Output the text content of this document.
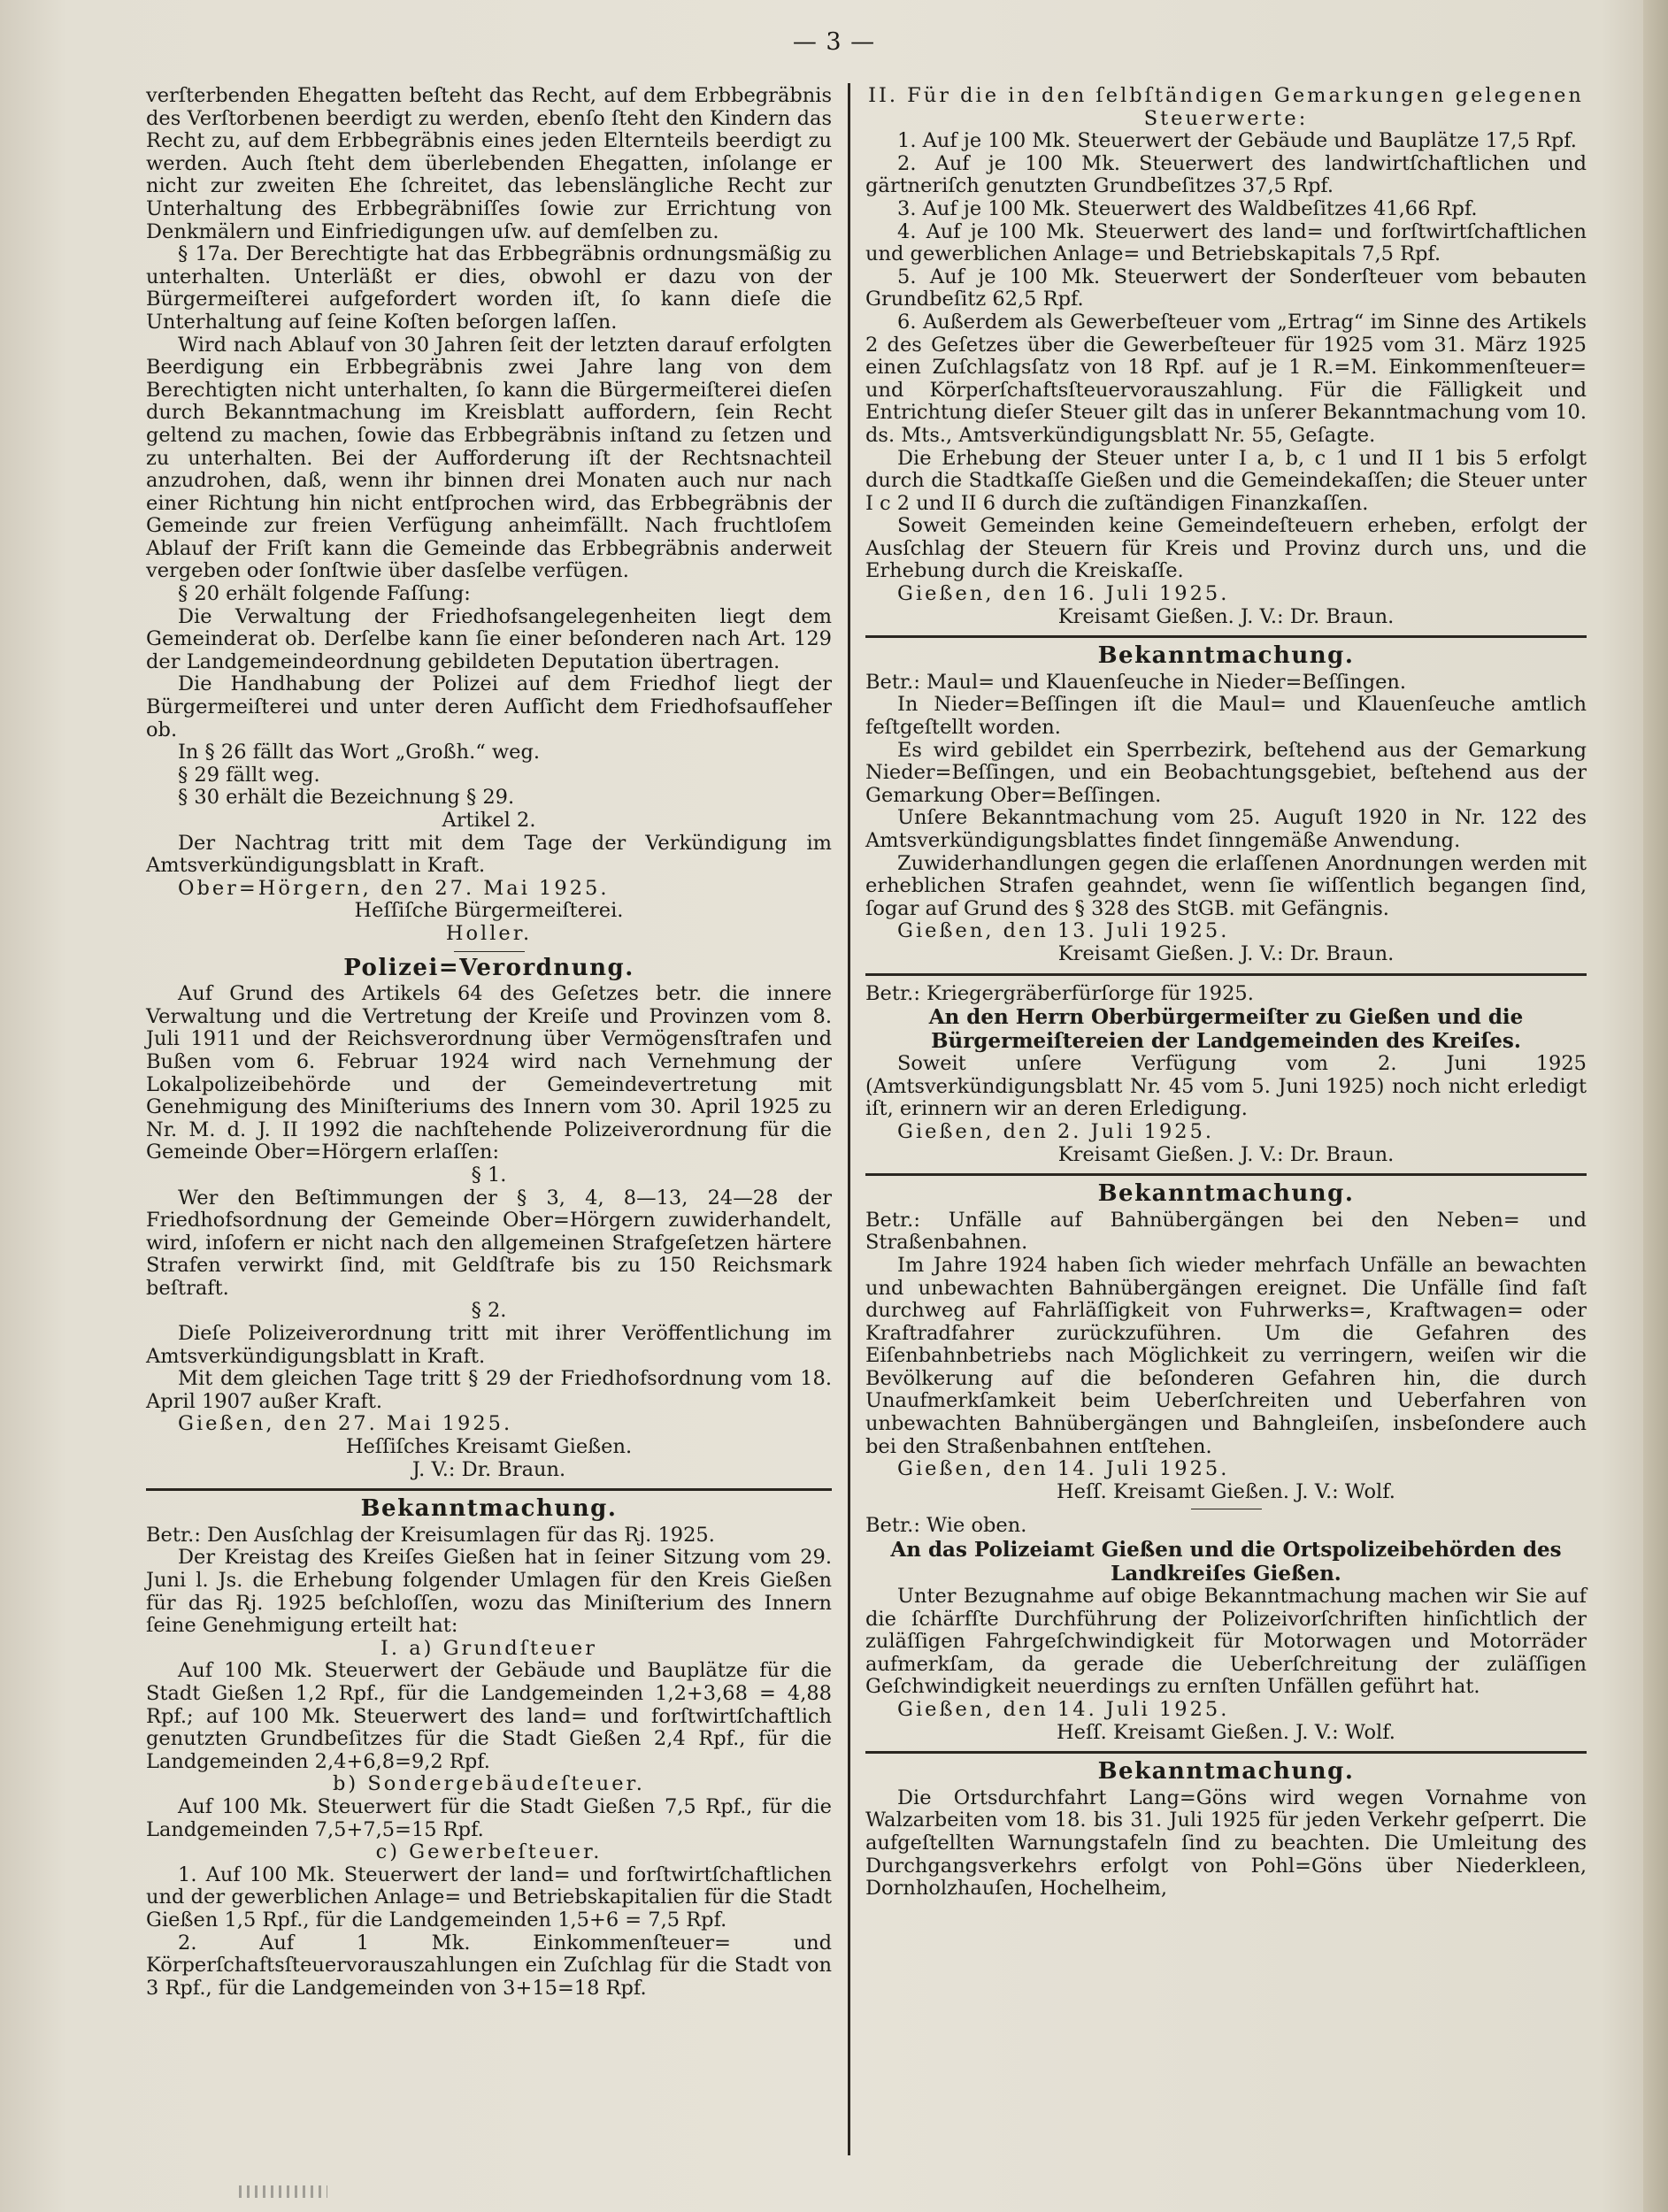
— 3 —

verſterbenden Ehegatten beſteht das Recht, auf dem Erbbegräbnis des Verſtorbenen beerdigt zu werden, ebenſo ſteht den Kindern das Recht zu, auf dem Erbbegräbnis eines jeden Elternteils beerdigt zu werden. Auch ſteht dem überlebenden Ehegatten, inſolange er nicht zur zweiten Ehe ſchreitet, das lebenslängliche Recht zur Unterhaltung des Erbbegräbniſſes ſowie zur Errichtung von Denkmälern und Einfriedigungen uſw. auf demſelben zu.

§ 17a. Der Berechtigte hat das Erbbegräbnis ordnungsmäßig zu unterhalten. Unterläßt er dies, obwohl er dazu von der Bürgermeiſterei aufgefordert worden iſt, ſo kann dieſe die Unterhaltung auf ſeine Koſten beſorgen laſſen.

Wird nach Ablauf von 30 Jahren ſeit der letzten darauf erfolgten Beerdigung ein Erbbegräbnis zwei Jahre lang von dem Berechtigten nicht unterhalten, ſo kann die Bürgermeiſterei dieſen durch Bekanntmachung im Kreisblatt auffordern, ſein Recht geltend zu machen, ſowie das Erbbegräbnis inſtand zu ſetzen und zu unterhalten. Bei der Aufforderung iſt der Rechtsnachteil anzudrohen, daß, wenn ihr binnen drei Monaten auch nur nach einer Richtung hin nicht entſprochen wird, das Erbbegräbnis der Gemeinde zur freien Verfügung anheimfällt. Nach fruchtloſem Ablauf der Friſt kann die Gemeinde das Erbbegräbnis anderweit vergeben oder ſonſtwie über dasſelbe verfügen.

§ 20 erhält folgende Faſſung:

Die Verwaltung der Friedhofsangelegenheiten liegt dem Gemeinderat ob. Derſelbe kann ſie einer beſonderen nach Art. 129 der Landgemeindeordnung gebildeten Deputation übertragen.

Die Handhabung der Polizei auf dem Friedhof liegt der Bürgermeiſterei und unter deren Aufſicht dem Friedhofsaufſeher ob.

In § 26 fällt das Wort „Großh.“ weg.

§ 29 fällt weg.

§ 30 erhält die Bezeichnung § 29.

Artikel 2.

Der Nachtrag tritt mit dem Tage der Verkündigung im Amtsverkündigungsblatt in Kraft.

Ober=Hörgern, den 27. Mai 1925.

Heſſiſche Bürgermeiſterei.

Holler.

Polizei=Verordnung.

Auf Grund des Artikels 64 des Geſetzes betr. die innere Verwaltung und die Vertretung der Kreiſe und Provinzen vom 8. Juli 1911 und der Reichsverordnung über Vermögensſtrafen und Bußen vom 6. Februar 1924 wird nach Vernehmung der Lokalpolizeibehörde und der Gemeindevertretung mit Genehmigung des Miniſteriums des Innern vom 30. April 1925 zu Nr. M. d. J. II 1992 die nachſtehende Polizeiverordnung für die Gemeinde Ober=Hörgern erlaſſen:

§ 1.

Wer den Beſtimmungen der § 3, 4, 8—13, 24—28 der Friedhofsordnung der Gemeinde Ober=Hörgern zuwiderhandelt, wird, inſofern er nicht nach den allgemeinen Strafgeſetzen härtere Strafen verwirkt ſind, mit Geldſtrafe bis zu 150 Reichsmark beſtraft.

§ 2.

Dieſe Polizeiverordnung tritt mit ihrer Veröffentlichung im Amtsverkündigungsblatt in Kraft.

Mit dem gleichen Tage tritt § 29 der Friedhofsordnung vom 18. April 1907 außer Kraft.

Gießen, den 27. Mai 1925.

Heſſiſches Kreisamt Gießen.

J. V.: Dr. Braun.

Bekanntmachung.

Betr.: Den Ausſchlag der Kreisumlagen für das Rj. 1925.

Der Kreistag des Kreiſes Gießen hat in ſeiner Sitzung vom 29. Juni l. Js. die Erhebung folgender Umlagen für den Kreis Gießen für das Rj. 1925 beſchloſſen, wozu das Miniſterium des Innern ſeine Genehmigung erteilt hat:

I. a) Grundſteuer

Auf 100 Mk. Steuerwert der Gebäude und Bauplätze für die Stadt Gießen 1,2 Rpf., für die Landgemeinden 1,2+3,68 = 4,88 Rpf.; auf 100 Mk. Steuerwert des land= und forſtwirtſchaftlich genutzten Grundbeſitzes für die Stadt Gießen 2,4 Rpf., für die Landgemeinden 2,4+6,8=9,2 Rpf.

b) Sondergebäudeſteuer.

Auf 100 Mk. Steuerwert für die Stadt Gießen 7,5 Rpf., für die Landgemeinden 7,5+7,5=15 Rpf.

c) Gewerbeſteuer.

1. Auf 100 Mk. Steuerwert der land= und forſtwirtſchaftlichen und der gewerblichen Anlage= und Betriebskapitalien für die Stadt Gießen 1,5 Rpf., für die Landgemeinden 1,5+6 = 7,5 Rpf.

2. Auf 1 Mk. Einkommenſteuer= und Körperſchaftsſteuervorauszahlungen ein Zuſchlag für die Stadt von 3 Rpf., für die Landgemeinden von 3+15=18 Rpf.

II. Für die in den ſelbſtändigen Gemarkungen gelegenen Steuerwerte:

1. Auf je 100 Mk. Steuerwert der Gebäude und Bauplätze 17,5 Rpf.

2. Auf je 100 Mk. Steuerwert des landwirtſchaftlichen und gärtneriſch genutzten Grundbeſitzes 37,5 Rpf.

3. Auf je 100 Mk. Steuerwert des Waldbeſitzes 41,66 Rpf.

4. Auf je 100 Mk. Steuerwert des land= und forſtwirtſchaftlichen und gewerblichen Anlage= und Betriebskapitals 7,5 Rpf.

5. Auf je 100 Mk. Steuerwert der Sonderſteuer vom bebauten Grundbeſitz 62,5 Rpf.

6. Außerdem als Gewerbeſteuer vom „Ertrag“ im Sinne des Artikels 2 des Geſetzes über die Gewerbeſteuer für 1925 vom 31. März 1925 einen Zuſchlagsſatz von 18 Rpf. auf je 1 R.=M. Einkommenſteuer= und Körperſchaftsſteuervorauszahlung. Für die Fälligkeit und Entrichtung dieſer Steuer gilt das in unſerer Bekanntmachung vom 10. ds. Mts., Amtsverkündigungsblatt Nr. 55, Geſagte.

Die Erhebung der Steuer unter I a, b, c 1 und II 1 bis 5 erfolgt durch die Stadtkaſſe Gießen und die Gemeindekaſſen; die Steuer unter I c 2 und II 6 durch die zuſtändigen Finanzkaſſen.

Soweit Gemeinden keine Gemeindeſteuern erheben, erfolgt der Ausſchlag der Steuern für Kreis und Provinz durch uns, und die Erhebung durch die Kreiskaſſe.

Gießen, den 16. Juli 1925.

Kreisamt Gießen. J. V.: Dr. Braun.

Bekanntmachung.

Betr.: Maul= und Klauenſeuche in Nieder=Beſſingen.

In Nieder=Beſſingen iſt die Maul= und Klauenſeuche amtlich feſtgeſtellt worden.

Es wird gebildet ein Sperrbezirk, beſtehend aus der Gemarkung Nieder=Beſſingen, und ein Beobachtungsgebiet, beſtehend aus der Gemarkung Ober=Beſſingen.

Unſere Bekanntmachung vom 25. Auguſt 1920 in Nr. 122 des Amtsverkündigungsblattes findet ſinngemäße Anwendung.

Zuwiderhandlungen gegen die erlaſſenen Anordnungen werden mit erheblichen Strafen geahndet, wenn ſie wiſſentlich begangen ſind, ſogar auf Grund des § 328 des StGB. mit Gefängnis.

Gießen, den 13. Juli 1925.

Kreisamt Gießen. J. V.: Dr. Braun.

Betr.: Kriegergräberfürſorge für 1925.

An den Herrn Oberbürgermeiſter zu Gießen und die Bürgermeiſtereien der Landgemeinden des Kreiſes.

Soweit unſere Verfügung vom 2. Juni 1925 (Amtsverkündigungsblatt Nr. 45 vom 5. Juni 1925) noch nicht erledigt iſt, erinnern wir an deren Erledigung.

Gießen, den 2. Juli 1925.

Kreisamt Gießen. J. V.: Dr. Braun.

Bekanntmachung.

Betr.: Unfälle auf Bahnübergängen bei den Neben= und Straßenbahnen.

Im Jahre 1924 haben ſich wieder mehrfach Unfälle an bewachten und unbewachten Bahnübergängen ereignet. Die Unfälle ſind faſt durchweg auf Fahrläſſigkeit von Fuhrwerks=, Kraftwagen= oder Kraftradfahrer zurückzuführen. Um die Gefahren des Eiſenbahnbetriebs nach Möglichkeit zu verringern, weiſen wir die Bevölkerung auf die beſonderen Gefahren hin, die durch Unaufmerkſamkeit beim Ueberſchreiten und Ueberfahren von unbewachten Bahnübergängen und Bahngleiſen, insbeſondere auch bei den Straßenbahnen entſtehen.

Gießen, den 14. Juli 1925.

Heſſ. Kreisamt Gießen. J. V.: Wolf.

Betr.: Wie oben.

An das Polizeiamt Gießen und die Ortspolizeibehörden des Landkreiſes Gießen.

Unter Bezugnahme auf obige Bekanntmachung machen wir Sie auf die ſchärfſte Durchführung der Polizeivorſchriften hinſichtlich der zuläſſigen Fahrgeſchwindigkeit für Motorwagen und Motorräder aufmerkſam, da gerade die Ueberſchreitung der zuläſſigen Geſchwindigkeit neuerdings zu ernſten Unfällen geführt hat.

Gießen, den 14. Juli 1925.

Heſſ. Kreisamt Gießen. J. V.: Wolf.

Bekanntmachung.

Die Ortsdurchfahrt Lang=Göns wird wegen Vornahme von Walzarbeiten vom 18. bis 31. Juli 1925 für jeden Verkehr geſperrt. Die aufgeſtellten Warnungstafeln ſind zu beachten. Die Umleitung des Durchgangsverkehrs erfolgt von Pohl=Göns über Niederkleen, Dornholzhauſen, Hochelheim,
